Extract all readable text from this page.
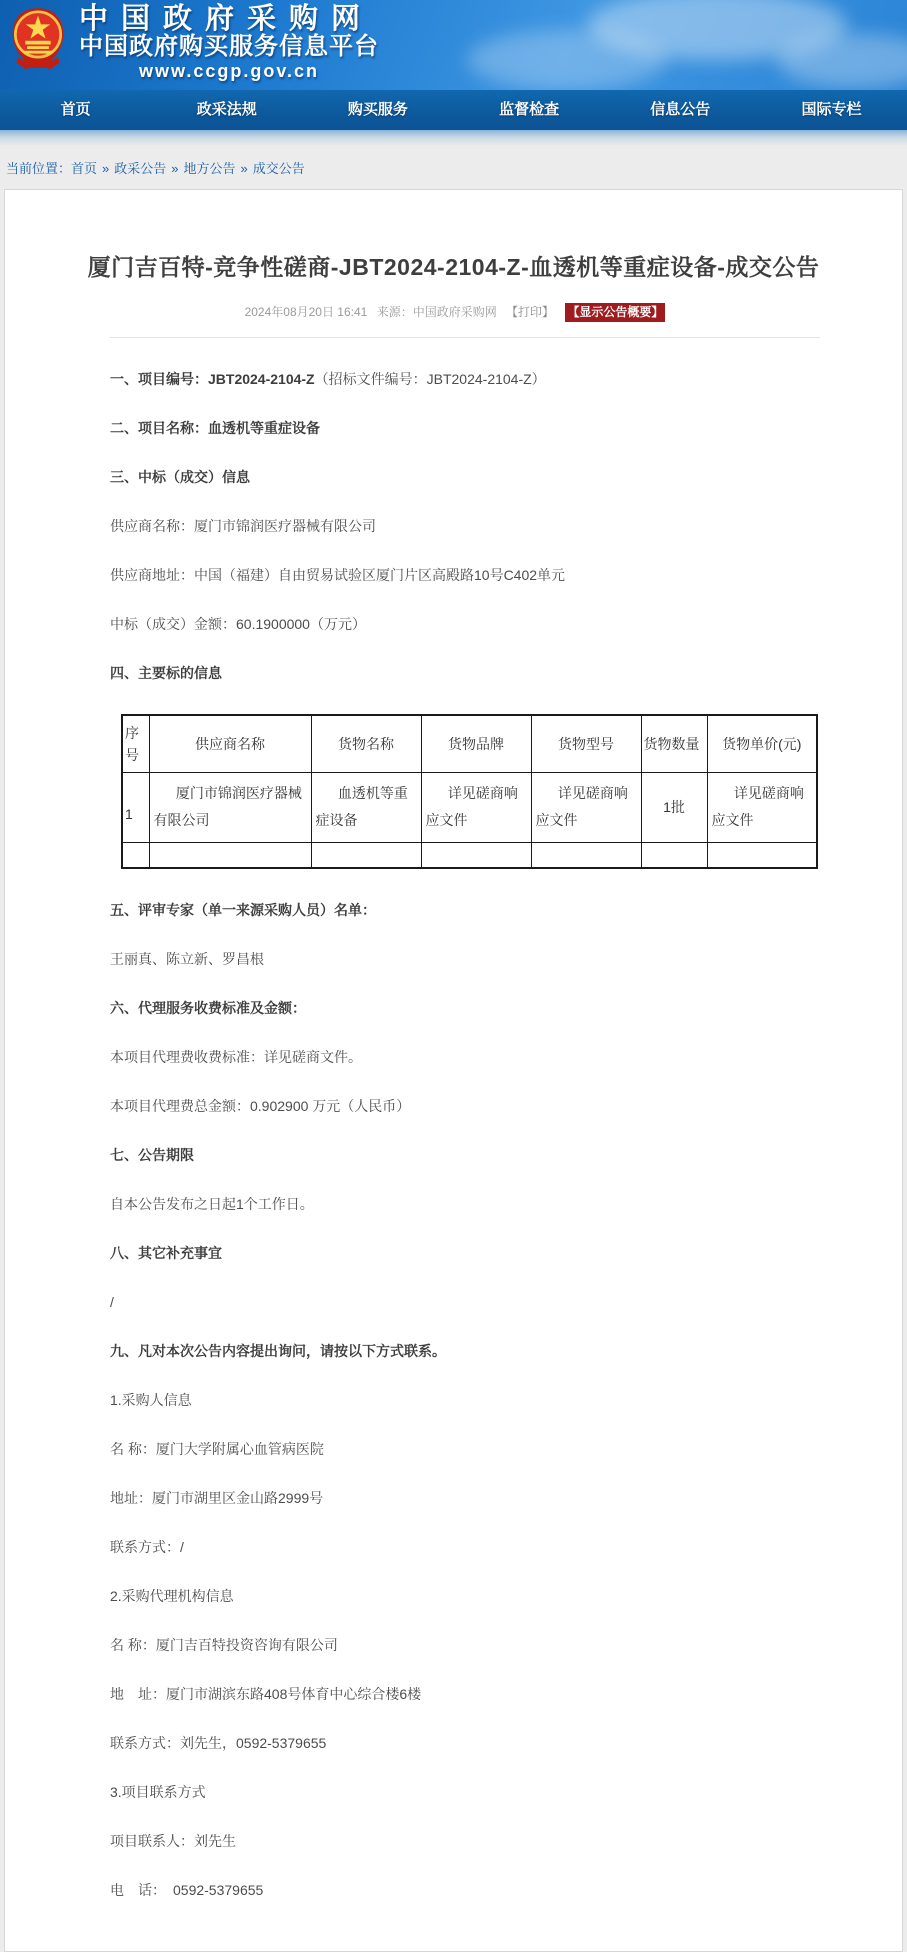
中国政府采购网
中国政府购买服务信息平台
www.ccgp.gov.cn
首页	政采法规	购买服务	监督检查	信息公告	国际专栏
当前位置：首页 » 政采公告 » 地方公告 » 成交公告
厦门吉百特-竞争性磋商-JBT2024-2104-Z-血透机等重症设备-成交公告
2024年08月20日 16:41 来源：中国政府采购网 【打印】 【显示公告概要】

一、项目编号：JBT2024-2104-Z（招标文件编号：JBT2024-2104-Z）

二、项目名称：血透机等重症设备

三、中标（成交）信息

供应商名称：厦门市锦润医疗器械有限公司

供应商地址：中国（福建）自由贸易试验区厦门片区高殿路10号C402单元

中标（成交）金额：60.1900000（万元）

四、主要标的信息

序号	供应商名称	货物名称	货物品牌	货物型号	货物数量	货物单价(元)
1	厦门市锦润医疗器械有限公司	血透机等重症设备	详见磋商响应文件	详见磋商响应文件	1批	详见磋商响应文件

五、评审专家（单一来源采购人员）名单：

王丽真、陈立新、罗昌根

六、代理服务收费标准及金额：

本项目代理费收费标准：详见磋商文件。

本项目代理费总金额：0.902900 万元（人民币）

七、公告期限

自本公告发布之日起1个工作日。

八、其它补充事宜

/

九、凡对本次公告内容提出询问，请按以下方式联系。

1.采购人信息

名 称：厦门大学附属心血管病医院

地址：厦门市湖里区金山路2999号

联系方式：/

2.采购代理机构信息

名 称：厦门吉百特投资咨询有限公司

地　址：厦门市湖滨东路408号体育中心综合楼6楼

联系方式：刘先生，0592-5379655

3.项目联系方式

项目联系人：刘先生

电　话：　0592-5379655
